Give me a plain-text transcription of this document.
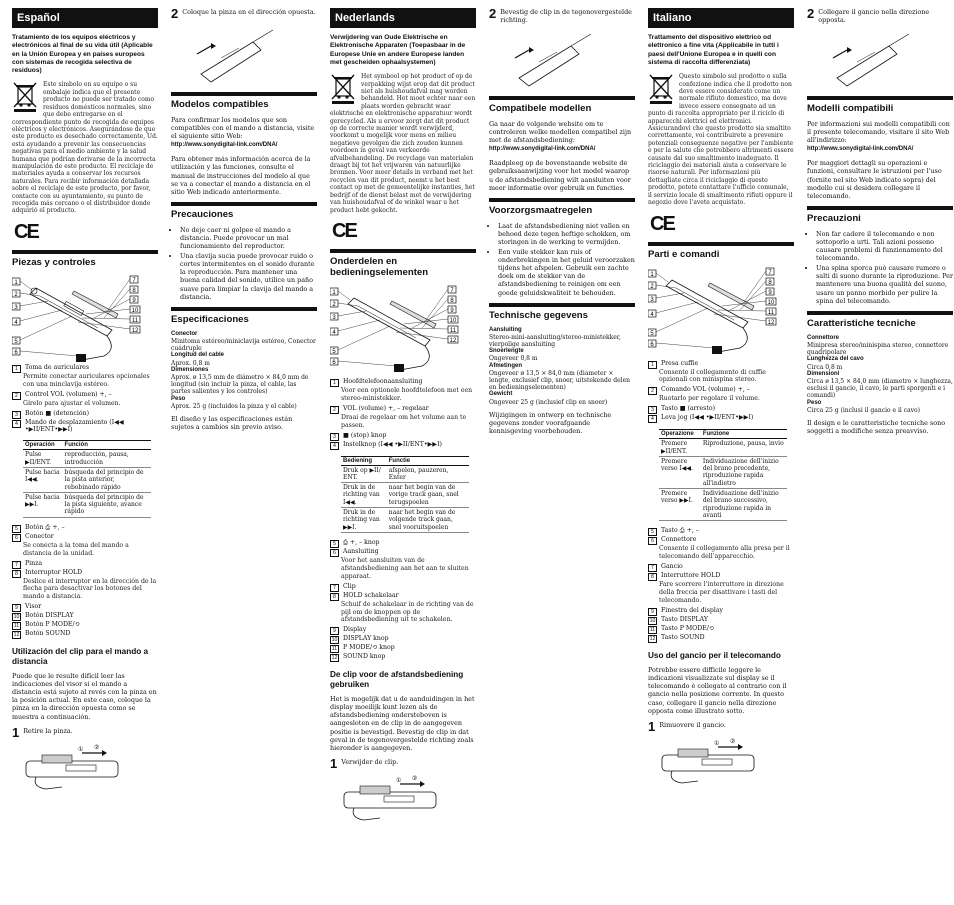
Español
Tratamiento de los equipos eléctricos y electrónicos al final de su vida útil (Aplicable en la Unión Europea y en países europeos con sistemas de recogida selectiva de residuos)
Este símbolo en su equipo o su embalaje indica que el presente producto no puede ser tratado como residuos domésticos normales, sino que debe entregarse en el correspondiente punto de recogida de equipos eléctricos y electrónicos. Asegurándose de que este producto es desechado correctamente, Ud. está ayudando a prevenir las consecuencias negativas para el medio ambiente y la salud humana que podrían derivarse de la incorrecta manipulación de este producto. El reciclaje de materiales ayuda a conservar los recursos naturales. Para recibir información detallada sobre el reciclaje de este producto, por favor, contacte con su ayuntamiento, su punto de recogida más cercano o el distribuidor donde adquirió el producto.
CE
Piezas y controles
1
2
3
4
5
6
7
8
9
10
11
12
1	Toma de auriculares
Permite conectar auriculares opcionales con una minclavija estéreo.
2	Control VOL (volumen) +, –
Gírelo para ajustar el volumen.
3	Botón ■ (detención)
4	Mando de desplazamiento (I◀◀ •▶II/ENT•▶▶I)
Operación	Función
Pulse ▶II/ENT.	reproducción, pausa, introducción
Pulse hacia I◀◀.	búsqueda del principio de la pista anterior, rebobinado rápido
Pulse hacia ▶▶I.	búsqueda del principio de la pista siguiente, avance rápido
5	Botón ⎙ +, –
6	Conector
Se conecta a la toma del mando a distancia de la unidad.
7	Pinza
8	Interruptor HOLD
Deslice el interruptor en la dirección de la flecha para desactivar los botones del mando a distancia.
9	Visor
10 Botón DISPLAY
11 Botón P MODE/⟲
12 Botón SOUND
Utilización del clip para el mando a distancia
Puede que le resulte difícil leer las indicaciones del visor si el mando a distancia está sujeto al revés con la pinza en la posición actual. En este caso, coloque la pinza en la dirección opuesta como se muestra a continuación.
1 Retire la pinza.
① ②
2 Coloque la pinza en el dirección opuesta.
Modelos compatibles
Para confirmar los modelos que son compatibles con el mando a distancia, visite el siguiente sitio Web:
http://www.sonydigital-link.com/DNA/
Para obtener más información acerca de la utilización y las funciones, consulte el manual de instrucciones del modelo al que se va a conectar el mando a distancia en el sitio Web indicado anteriormente.
Precauciones
• No deje caer ni golpee el mando a distancia. Puede provocar un mal funcionamiento del reproductor.
• Una clavija sucia puede provocar ruido o cortes intermitentes en el sonido durante la reproducción. Para mantener una buena calidad del sonido, utilice un paño suave para limpiar la clavija del mando a distancia.
Especificaciones

Conector

Minitoma estéreo/miniclavija estéreo, Conector cuádruple

Longitud del cable

Aprox. 0,8 m

Dimensiones

Aprox. ø 13,5 mm de diámetro × 84,0 mm de longitud (sin incluir la pinza, el cable, las partes salientes y los controles)

Peso

Aprox. 25 g (incluidos la pinza y el cable)

El diseño y las especificaciones están sujetos a cambios sin previo aviso.
Nederlands
Verwijdering van Oude Elektrische en Elektronische Apparaten (Toepasbaar in de Europese Unie en andere Europese landen met gescheiden ophaalsystemen)
Het symbool op het product of op de verpakking wijst erop dat dit product niet als huishoudafval mag worden behandeld. Het moet echter naar een plaats worden gebracht waar elektrische en elektronische apparatuur wordt gerecycled. Als u ervoor zorgt dat dit product op de correcte manier wordt verwijderd, voorkomt u mogelijk voor mens en milieu negatieve gevolgen die zich zouden kunnen voordoen in geval van verkeerde afvalbehandeling. De recyclage van materialen draagt bij tot het vrijwaren van natuurlijke bronnen. Voor meer details in verband met het recyclen van dit product, neemt u het best contact op met de gemeentelijke instanties, het bedrijf of de dienst belast met de verwijdering van huishoudafval of de winkel waar u het product hebt gekocht.
CE
Onderdelen en bedieningselementen
1
2
3
4
5
6
7
8
9
10
11
12
1	Hoofdtelefoonaansluiting
Voor een optionele hoofdtelefoon met een stereo-ministekker.
2	VOL (volume) +, – regelaar
Draai de regelaar om het volume aan te passen.
3	■ (stop) knop
4	Instelknop (I◀◀ •▶II/ENT•▶▶I)
Bediening	Functie
Druk op ▶II/ ENT.	afspelen, pauzeren, Enter
Druk in de richting van I◀◀.	naar het begin van de vorige track gaan, snel terugspoelen
Druk in de richting van ▶▶I.	naar het begin van de volgende track gaan, snel vooruitspoelen
5	⎙ +, – knop
6	Aansluiting
Voor het aansluiten van de afstandsbediening aan het aan te sluiten apparaat.
7	Clip
8	HOLD schakelaar
Schuif de schakelaar in de richting van de pijl om de knoppen op de afstandsbediening uit te schakelen.
9	Display
10 DISPLAY knop
11 P MODE/⟲ knop
12 SOUND knop
De clip voor de afstandsbediening gebruiken
Het is mogelijk dat u de aanduidingen in het display moeilijk kunt lezen als de afstandsbediening ondersteboven is aangesloten en de clip in de aangegeven positie is bevestigd. Bevestig de clip in dat geval in de tegenovergestelde richting zoals hieronder is aangegeven.
1 Verwijder de clip.
① ②
2 Bevestig de clip in de tegenovergestelde richting.
Compatibele modellen
Ga naar de volgende website om te controleren welke modellen compatibel zijn met de afstandsbediening:
http://www.sonydigital-link.com/DNA/
Raadpleeg op de bovenstaande website de gebruiksaanwijzing voor het model waarop u de afstandsbediening wilt aansluiten voor meer informatie over gebruik en functies.
Voorzorgsmaatregelen
• Laat de afstandsbediening niet vallen en behoed deze tegen heftige schokken, om storingen in de werking te vermijden.
• Een vuile stekker kan ruis of onderbrekingen in het geluid veroorzaken tijdens het afspelen. Gebruik een zachte doek om de stekker van de afstandsbediening te reinigen om een goede geluidskwaliteit te behouden.
Technische gegevens

Aansluiting

Stereo-mini-aansluiting/stereo-ministekker, vierpolige aansluiting

Snoerlengte

Ongeveer 0,8 m

Afmetingen

Ongeveer ø 13,5 × 84,0 mm (diameter × lengte, exclusief clip, snoer, uitstekende delen en bedieningselementen)

Gewicht

Ongeveer 25 g (inclusief clip en snoer)

Wijzigingen in ontwerp en technische gegevens zonder voorafgaande kennisgeving voorbehouden.
Italiano
Trattamento del dispositivo elettrico od elettronico a fine vita (Applicabile in tutti i paesi dell'Unione Europea e in quelli con sistema di raccolta differenziata)
Questo simbolo sul prodotto o sulla confezione indica che il prodotto non deve essere considerato come un normale rifiuto domestico, ma deve invece essere consegnato ad un punto di raccolta appropriato per il riciclo di apparecchi elettrici ed elettronici. Assicurandovi che questo prodotto sia smaltito correttamente, voi contribuirete a prevenire potenziali conseguenze negative per l'ambiente e per la salute che potrebbero altrimenti essere causate dal suo smaltimento inadeguato. Il riciclaggio dei materiali aiuta a conservare le risorse naturali. Per informazioni più dettagliate circa il riciclaggio di questo prodotto, potete contattare l'ufficio comunale, il servizio locale di smaltimento rifiuti oppure il negozio dove l'avete acquistato.
CE
Parti e comandi
1
2
3
4
5
6
7
8
9
10
11
12
1	Presa cuffie
Consente il collegamento di cuffie opzionali con minispina stereo.
2	Comando VOL (volume) +, –
Ruotarlo per regolare il volume.
3	Tasto ■ (arresto)
4	Leva jog (I◀◀ •▶II/ENT•▶▶I)
Operazione	Funzione
Premere ▶II/ENT.	Riproduzione, pausa, invio
Premere verso I◀◀.	Individuazione dell'inizio del brano precedente, riproduzione rapida all'indietro
Premere verso ▶▶I.	Individuazione dell'inizio del brano successivo, riproduzione rapida in avanti
5	Tasto ⎙ +, –
6	Connettore
Consente il collegamento alla presa per il telecomando dell'apparecchio.
7	Gancio
8	Interruttore HOLD
Fare scorrere l'interruttore in direzione della freccia per disattivare i tasti del telecomando.
9	Finestra del display
10 Tasto DISPLAY
11 Tasto P MODE/⟲
12 Tasto SOUND
Uso del gancio per il telecomando
Potrebbe essere difficile leggere le indicazioni visualizzate sul display se il telecomando è collegato al contrario con il gancio nella posizione corrente. In questo caso, collegare il gancio nella direzione opposta come illustrato sotto.
1 Rimuovere il gancio.
① ②
2 Collegare il gancio nella direzione opposta.
Modelli compatibili
Per informazioni sui modelli compatibili con il presente telecomando, visitare il sito Web all'indirizzo:
http://www.sonydigital-link.com/DNA/
Per maggiori dettagli su operazioni e funzioni, consultare le istruzioni per l'uso (fornite nel sito Web indicato sopra) del modello cui si desidera collegare il telecomando.
Precauzioni
• Non far cadere il telecomando e non sottoporlo a urti. Tali azioni possono causare problemi di funzionamento del telecomando.
• Una spina sporca può causare rumore o salti di suono durante la riproduzione. Per mantenere una buona qualità del suono, usare un panno morbido per pulire la spina del telecomando.
Caratteristiche tecniche

Connettore

Minipresa stereo/minispina stereo, connettore quadripolare

Lunghezza del cavo

Circa 0,8 m

Dimensioni

Circa ø 13,5 × 84,0 mm (diametro × lunghezza, esclusi il gancio, il cavo, le parti sporgenti e i comandi)

Peso

Circa 25 g (inclusi il gancio e il cavo)

Il design e le caratteristiche tecniche sono soggetti a modifiche senza preavviso.
